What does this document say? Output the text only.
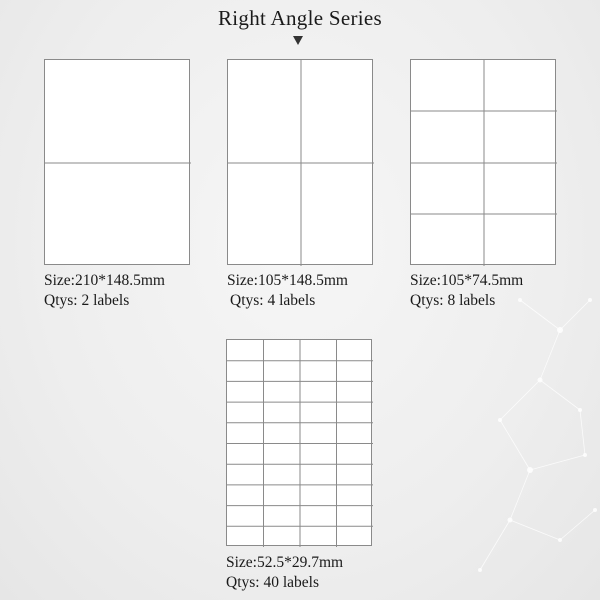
Right Angle Series
Size:210*148.5mm
Qtys: 2 labels
Size:105*148.5mm
Qtys: 4 labels
Size:105*74.5mm
Qtys: 8 labels
Size:52.5*29.7mm
Qtys: 40 labels
